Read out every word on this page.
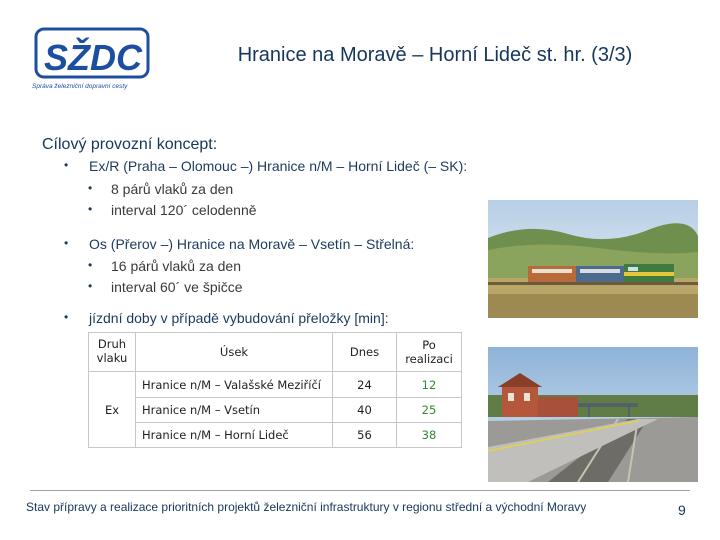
SŽDC
Správa železniční dopravní cesty
Hranice na Moravě – Horní Lideč st. hr. (3/3)
Cílový provozní koncept:
• Ex/R (Praha – Olomouc –) Hranice n/M – Horní Lideč (– SK):
• 8 párů vlaků za den
• interval 120´ celodenně
• Os (Přerov –) Hranice na Moravě – Vsetín – Střelná:
• 16 párů vlaků za den
• interval 60´ ve špičce
• jízdní doby v případě vybudování přeložky [min]:
Druh vlaku	Úsek	Dnes	Po realizaci
Ex	Hranice n/M – Valašské Meziříčí	24	12
	Hranice n/M – Vsetín	40	25
	Hranice n/M – Horní Lideč	56	38
Stav přípravy a realizace prioritních projektů železniční infrastruktury v regionu střední a východní Moravy	9
